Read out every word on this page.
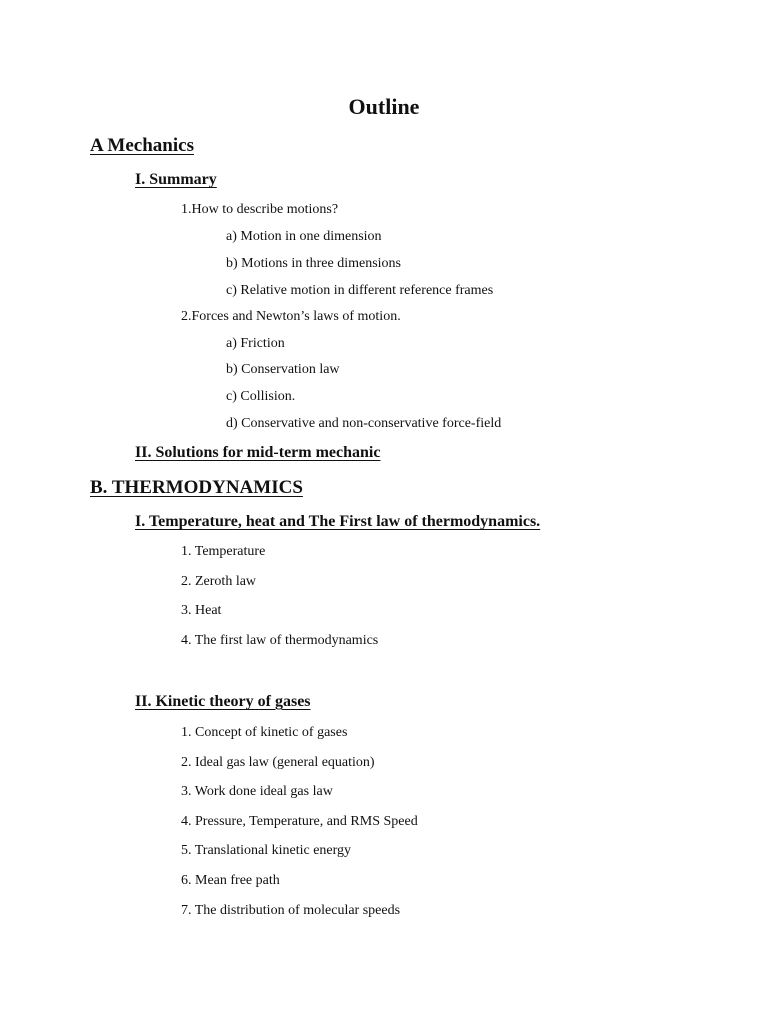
Outline
A Mechanics
I. Summary
1.How to describe motions?
a) Motion in one dimension
b) Motions in three dimensions
c) Relative motion in different reference frames
2.Forces and Newton’s laws of motion.
a) Friction
b) Conservation law
c) Collision.
d) Conservative and non-conservative force-field
II. Solutions for mid-term mechanic
B. THERMODYNAMICS
I. Temperature, heat and The First law of thermodynamics.
1. Temperature
2. Zeroth law
3. Heat
4. The first law of thermodynamics
II. Kinetic theory of gases
1. Concept of kinetic of gases
2. Ideal gas law (general equation)
3. Work done ideal gas law
4. Pressure, Temperature, and RMS Speed
5. Translational kinetic energy
6. Mean free path
7. The distribution of molecular speeds
